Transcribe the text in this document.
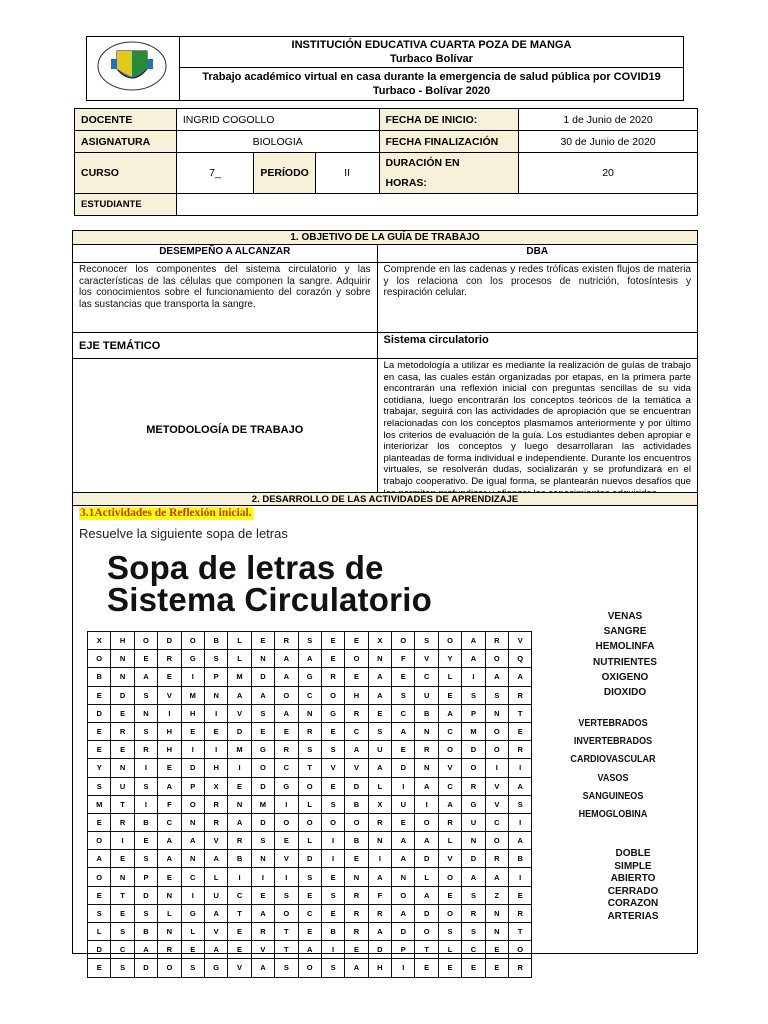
INSTITUCIÓN EDUCATIVA CUARTA POZA DE MANGA
Turbaco Bolívar

Trabajo académico virtual en casa durante la emergencia de salud pública por COVID19
Turbaco - Bolívar 2020
DOCENTE	INGRID COGOLLO			FECHA DE INICIO:	1 de Junio de 2020
ASIGNATURA	BIOLOGIA			FECHA FINALIZACIÓN	30 de Junio de 2020
CURSO	7_	PERÍODO	II	DURACIÓN EN
HORAS:	20
ESTUDIANTE					
1. OBJETIVO DE LA GUÍA DE TRABAJO	
DESEMPEÑO A ALCANZAR	DBA

Reconocer los componentes del sistema circulatorio y las características de las células que componen la sangre. Adquirir los conocimientos sobre el funcionamiento del corazón y sobre las sustancias que transporta la sangre.	Comprende en las cadenas y redes tróficas existen flujos de materia y los relaciona con los procesos de nutrición, fotosíntesis y respiración celular.

EJE TEMÁTICO	Sistema circulatorio
METODOLOGÍA DE TRABAJO	La metodología a utilizar es mediante la realización de guías de trabajo en casa, las cuales están organizadas por etapas, en la primera parte encontrarán una reflexión inicial con preguntas sencillas de su vida cotidiana, luego encontrarán los conceptos teóricos de la temática a trabajar, seguirá con las actividades de apropiación que se encuentran relacionadas con los conceptos plasmamos anteriormente y por último los criterios de evaluación de la guía. Los estudiantes deben apropiar e interiorizar los conceptos y luego desarrollaran las actividades planteadas de forma individual e independiente. Durante los encuentros virtuales, se resolverán dudas, socializarán y se profundizará en el trabajo cooperativo. De igual forma, se plantearán nuevos desafíos que
2. DESARROLLO DE LAS ACTIVIDADES DE APRENDIZAJE
3.1Actividades de Reflexión inicial.
Resuelve la siguiente sopa de letras
Sopa de letras de
Sistema Circulatorio
X	H	O	D	O	B	L	E	R	S	E	E	X	O	S	O	A	R	V
O	N	E	R	G	S	L	N	A	A	E	O	N	F	V	Y	A	O	Q
B	N	A	E	I	P	M	D	A	G	R	E	A	E	C	L	I	A	A
E	D	S	V	M	N	A	A	O	C	O	H	A	S	U	E	S	S	R
D	E	N	I	H	I	V	S	A	N	G	R	E	C	B	A	P	N	T
E	R	S	H	E	E	D	E	E	R	E	C	S	A	N	C	M	O	E
E	E	R	H	I	I	M	G	R	S	S	A	U	E	R	O	D	O	R
Y	N	I	E	D	H	I	O	C	T	V	V	A	D	N	V	O	I	I
S	U	S	A	P	X	E	D	G	O	E	D	L	I	A	C	R	V	A
M	T	I	F	O	R	N	M	I	L	S	B	X	U	I	A	G	V	S
E	R	B	C	N	R	A	D	O	O	O	O	R	E	O	R	U	C	I
O	I	E	A	A	V	R	S	E	L	I	B	N	A	A	L	N	O	A
A	E	S	A	N	A	B	N	V	D	I	E	I	A	D	V	D	R	B
O	N	P	E	C	L	I	I	I	S	E	N	A	N	L	O	A	A	I
E	T	D	N	I	U	C	E	S	E	S	R	F	O	A	E	S	Z	E
S	E	S	L	G	A	T	A	O	C	E	R	R	A	D	O	R	N	R
L	S	B	N	L	V	E	R	T	E	B	R	A	D	O	S	S	N	T
D	C	A	R	E	A	E	V	T	A	I	E	D	P	T	L	C	E	O
E	S	D	O	S	G	V	A	S	O	S	A	H	I	E	E	E	E	R
VENAS
SANGRE
HEMOLINFA
NUTRIENTES
OXIGENO
DIOXIDO
VERTEBRADOS
INVERTEBRADOS
CARDIOVASCULAR
VASOS
SANGUINEOS
HEMOGLOBINA
DOBLE
SIMPLE
ABIERTO
CERRADO
CORAZON
ARTERIAS
